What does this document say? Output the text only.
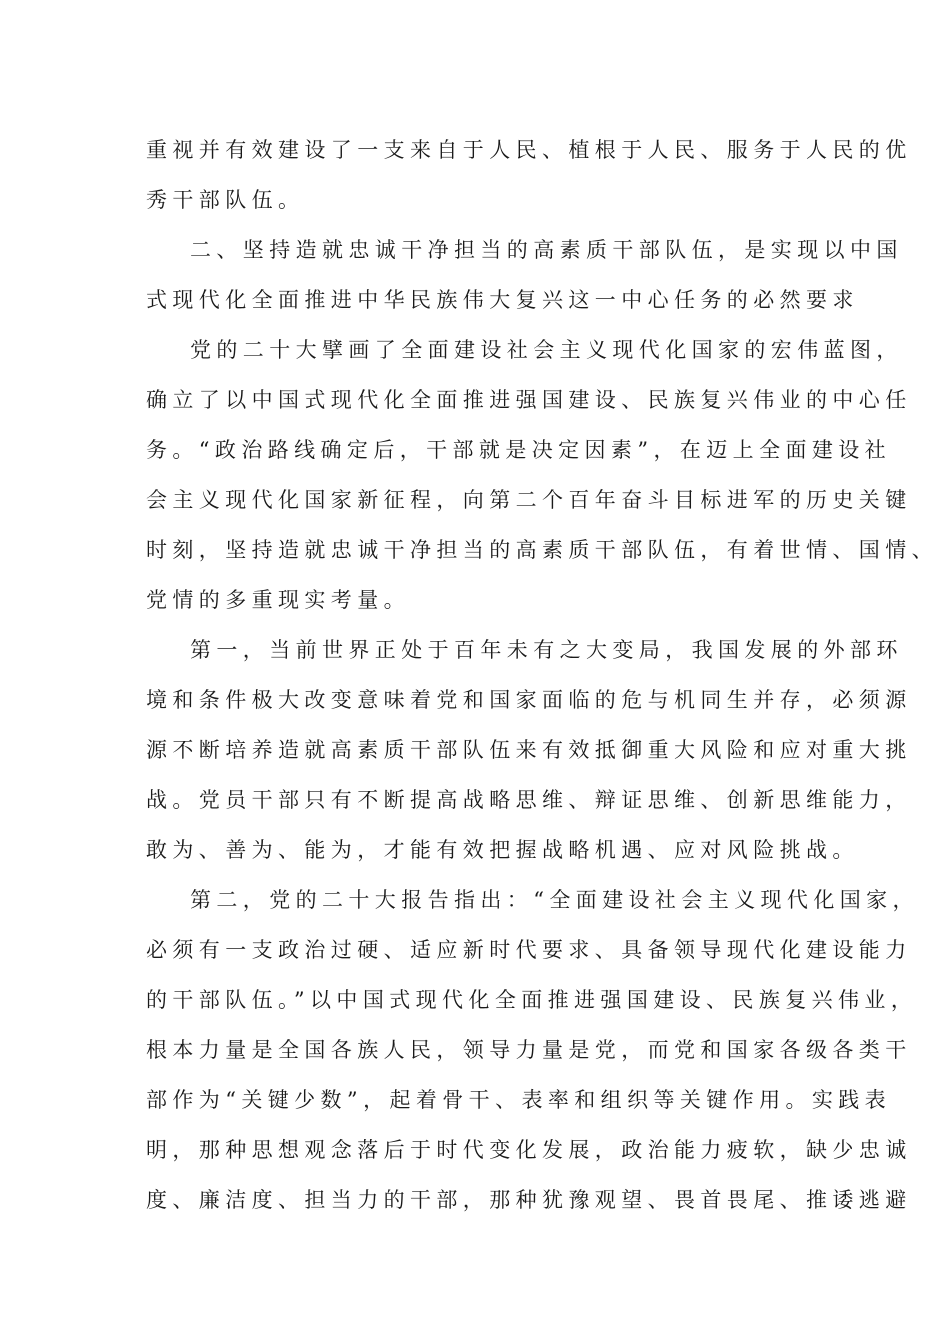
重视并有效建设了一支来自于人民、植根于人民、服务于人民的优
秀干部队伍。
二、坚持造就忠诚干净担当的高素质干部队伍，是实现以中国
式现代化全面推进中华民族伟大复兴这一中心任务的必然要求
党的二十大擘画了全面建设社会主义现代化国家的宏伟蓝图，
确立了以中国式现代化全面推进强国建设、民族复兴伟业的中心任
务。“政治路线确定后，干部就是决定因素”，在迈上全面建设社
会主义现代化国家新征程，向第二个百年奋斗目标进军的历史关键
时刻，坚持造就忠诚干净担当的高素质干部队伍，有着世情、国情、
党情的多重现实考量。
第一，当前世界正处于百年未有之大变局，我国发展的外部环
境和条件极大改变意味着党和国家面临的危与机同生并存，必须源
源不断培养造就高素质干部队伍来有效抵御重大风险和应对重大挑
战。党员干部只有不断提高战略思维、辩证思维、创新思维能力，
敢为、善为、能为，才能有效把握战略机遇、应对风险挑战。
第二，党的二十大报告指出：“全面建设社会主义现代化国家，
必须有一支政治过硬、适应新时代要求、具备领导现代化建设能力
的干部队伍。”以中国式现代化全面推进强国建设、民族复兴伟业，
根本力量是全国各族人民，领导力量是党，而党和国家各级各类干
部作为“关键少数”，起着骨干、表率和组织等关键作用。实践表
明，那种思想观念落后于时代变化发展，政治能力疲软，缺少忠诚
度、廉洁度、担当力的干部，那种犹豫观望、畏首畏尾、推诿逃避
